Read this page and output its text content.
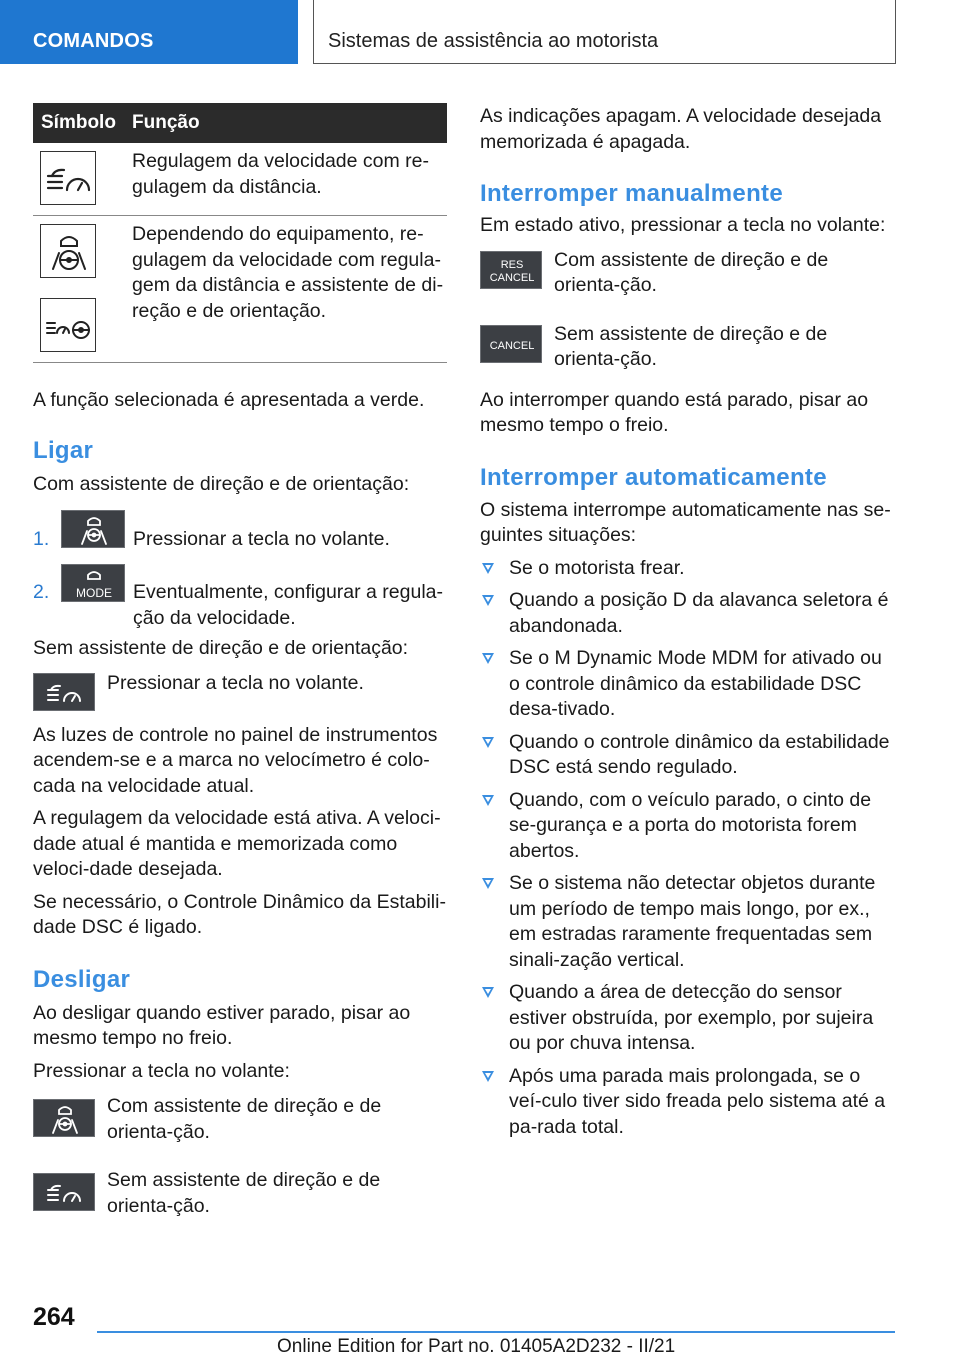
COMANDOS	Sistemas de assistência ao motorista
Símbolo	Função

	Regulagem da velocidade com re-gulagem da distância.

	Dependendo do equipamento, re-gulagem da velocidade com regula-gem da distância e assistente de di-reção e de orientação.

A função selecionada é apresentada a verde.

Ligar

Com assistente de direção e de orientação:

1.	Pressionar a tecla no volante.
2. MODE Eventualmente, configurar a regula-ção da velocidade.

Sem assistente de direção e de orientação:

Pressionar a tecla no volante.

As luzes de controle no painel de instrumentos acendem-se e a marca no velocímetro é colo-cada na velocidade atual.

A regulagem da velocidade está ativa. A veloci-dade atual é mantida e memorizada como veloci-dade desejada.

Se necessário, o Controle Dinâmico da Estabili-dade DSC é ligado.

Desligar

Ao desligar quando estiver parado, pisar ao mesmo tempo no freio.

Pressionar a tecla no volante:

Com assistente de direção e de orienta-ção.
Sem assistente de direção e de orienta-ção.

As indicações apagam. A velocidade desejada memorizada é apagada.

Interromper manualmente

Em estado ativo, pressionar a tecla no volante:

RES
CANCEL
Com assistente de direção e de orienta-ção.
CANCEL
Sem assistente de direção e de orienta-ção.

Ao interromper quando está parado, pisar ao mesmo tempo o freio.

Interromper automaticamente

O sistema interrompe automaticamente nas se-guintes situações:

Se o motorista frear.
Quando a posição D da alavanca seletora é abandonada.
Se o M Dynamic Mode MDM for ativado ou o controle dinâmico da estabilidade DSC desa-tivado.
Quando o controle dinâmico da estabilidade DSC está sendo regulado.
Quando, com o veículo parado, o cinto de se-gurança e a porta do motorista forem abertos.
Se o sistema não detectar objetos durante um período de tempo mais longo, por ex., em estradas raramente frequentadas sem sinali-zação vertical.
Quando a área de detecção do sensor estiver obstruída, por exemplo, por sujeira ou por chuva intensa.
Após uma parada mais prolongada, se o veí-culo tiver sido freada pelo sistema até a pa-rada total.
264
Online Edition for Part no. 01405A2D232 - II/21
